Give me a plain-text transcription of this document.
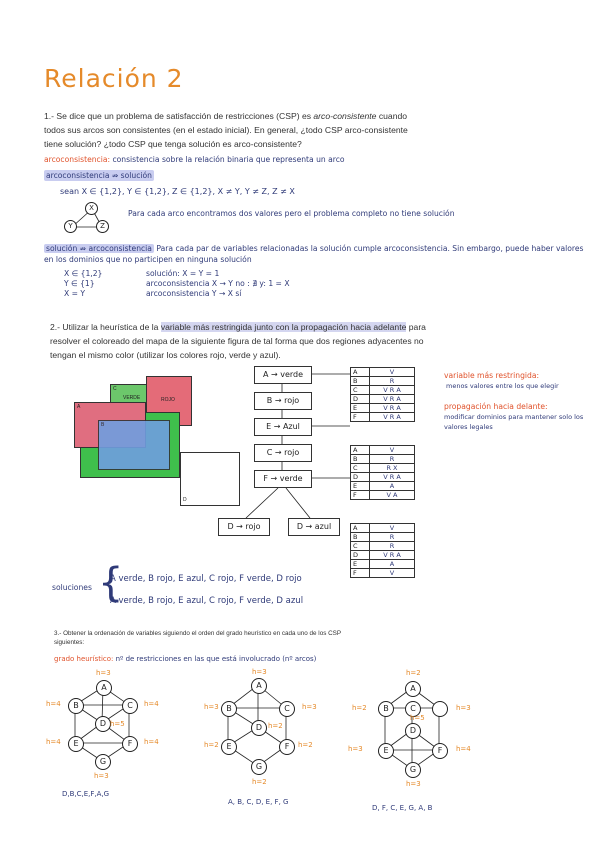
Relación 2
1.- Se dice que un problema de satisfacción de restricciones (CSP) es arco-consistente cuando todos sus arcos son consistentes (en el estado inicial). En general, ¿todo CSP arco-consistente tiene solución? ¿todo CSP que tenga solución es arco-consistente?
arcoconsistencia: consistencia sobre la relación binaria que representa un arco
arcoconsistencia ⇏ solución
sean X ∈ {1,2}, Y ∈ {1,2}, Z ∈ {1,2}, X ≠ Y, Y ≠ Z, Z ≠ X
X
Y	Z
Para cada arco encontramos dos valores pero el problema completo no tiene solución
solución ⇏ arcoconsistencia Para cada par de variables relacionadas la solución cumple arcoconsistencia. Sin embargo, puede haber valores en los dominios que no participen en ninguna solución
X ∈ {1,2}
Y ∈ {1}
X = Y
solución: X = Y = 1
arcoconsistencia X → Y no : ∄ y: 1 = X
arcoconsistencia Y → X sí
2.- Utilizar la heurística de la variable más restringida junto con la propagación hacia adelante para resolver el coloreado del mapa de la siguiente figura de tal forma que dos regiones adyacentes no tengan el mismo color (utilizar los colores rojo, verde y azul).
D
C
VERDE	ROJO
A
B
A → verde
B → rojo
E → Azul
C → rojo
F → verde
D → rojo	D → azul
A	V
B	R
C	V R A
D	V R A
E	V R A
F	V R A
A	V
B	R
C	R X
D	V R A
E	A
F	V A
A	V
B	R
C	R
D	V R A
E	A
F	V
variable más restringida:
menos valores entre los que elegir
propagación hacia delante:
modificar dominios para mantener solo los valores legales
soluciones {
A verde, B rojo, E azul, C rojo, F verde, D rojo
A verde, B rojo, E azul, C rojo, F verde, D azul
3.- Obtener la ordenación de variables siguiendo el orden del grado heurístico en cada uno de los CSP siguientes:
grado heurístico: nº de restricciones en las que está involucrado (nº arcos)
A
B	C
D
E	F
G
h=3
h=4	h=4
h=4	h=4
h=5
h=3
D,B,C,E,F,A,G
A
B	C
D
E	F
G
h=3
h=3	h=3
h=2	h=2
h=2
h=2
A, B, C, D, E, F, G
A
B	C
D
E	F
G
h=2
h=2	h=3
h=5
h=3	h=4
h=3
D, F, C, E, G, A, B
